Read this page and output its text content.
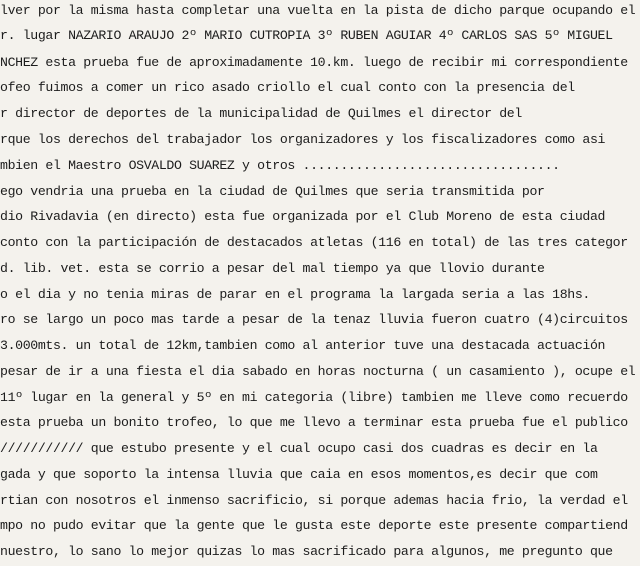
lver por la misma hasta completar una vuelta en la pista de dicho parque ocupando el
r. lugar NAZARIO ARAUJO 2º MARIO CUTROPIA 3º RUBEN AGUIAR 4º CARLOS SAS 5º MIGUEL
NCHEZ esta prueba fue de aproximadamente 10.km. luego de recibir mi correspondiente
ofeo fuimos a comer un rico asado criollo el cual conto con la presencia del
r director de deportes de la municipalidad de Quilmes el director del
rque los derechos del trabajador los organizadores y los fiscalizadores como asi
mbien el Maestro OSVALDO SUAREZ y otros ..................................
ego vendria una prueba en la ciudad de Quilmes que seria transmitida por
dio Rivadavia (en directo) esta fue organizada por el Club Moreno de esta ciudad
conto con la participación de destacados atletas (116 en total) de las tres categor
d. lib. vet. esta se corrio a pesar del mal tiempo ya que llovio durante
o el dia y no tenia miras de parar en el programa la largada seria a las 18hs.
ro se largo un poco mas tarde a pesar de la tenaz lluvia fueron cuatro (4)circuitos
3.000mts. un total de 12km,tambien como al anterior tuve una destacada actuación
pesar de ir a una fiesta el dia sabado en horas nocturna ( un casamiento ), ocupe el
11º lugar en la general y 5º en mi categoria (libre) tambien me lleve como recuerdo
esta prueba un bonito trofeo, lo que me llevo a terminar esta prueba fue el publico
/////////// que estubo presente y el cual ocupo casi dos cuadras es decir en la
gada y que soporto la intensa lluvia que caia en esos momentos,es decir que com
rtian con nosotros el inmenso sacrificio, si porque ademas hacia frio, la verdad el
mpo no pudo evitar que la gente que le gusta este deporte este presente compartiend
nuestro, lo sano lo mejor quizas lo mas sacrificado para algunos, me pregunto que
